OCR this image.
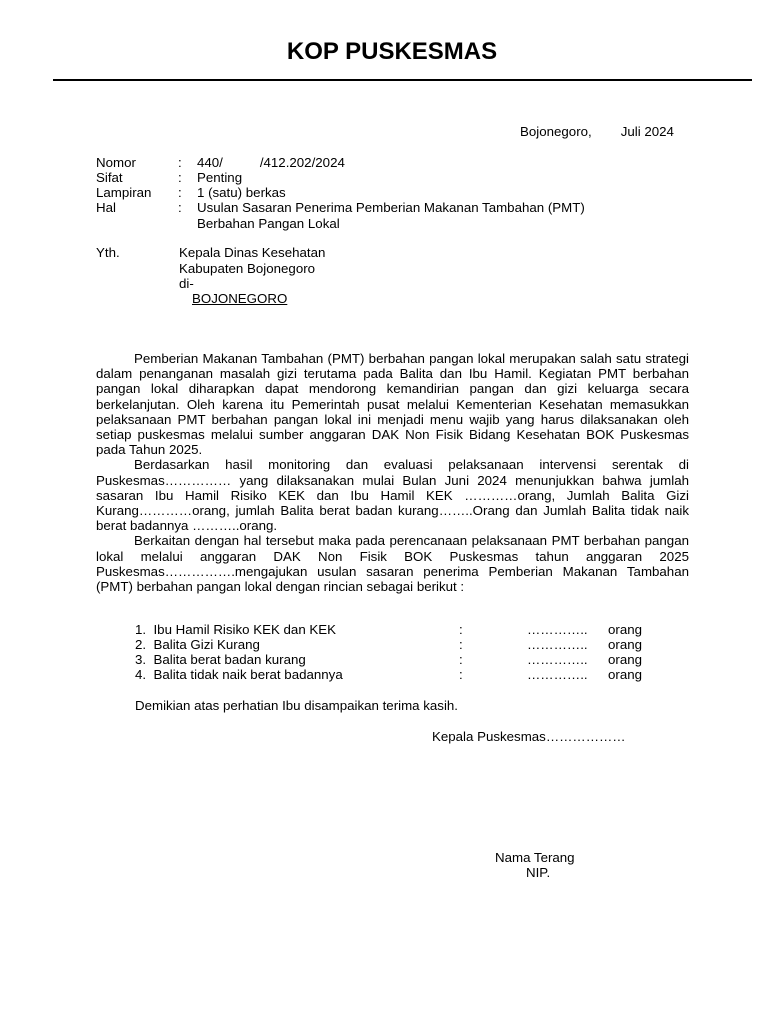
KOP PUSKESMAS
Bojonegoro, Juli 2024
Nomor	: 440/          /412.202/2024
Sifat	: Penting
Lampiran : 1 (satu) berkas
Hal	: Usulan Sasaran Penerima Pemberian Makanan Tambahan (PMT)
Berbahan Pangan Lokal
Yth.	Kepala Dinas Kesehatan
Kabupaten Bojonegoro
di-
BOJONEGORO

Pemberian Makanan Tambahan (PMT) berbahan pangan lokal merupakan salah satu strategi dalam penanganan masalah gizi terutama pada Balita dan Ibu Hamil. Kegiatan PMT berbahan pangan lokal diharapkan dapat mendorong kemandirian pangan dan gizi keluarga secara berkelanjutan. Oleh karena itu Pemerintah pusat melalui Kementerian Kesehatan memasukkan pelaksanaan PMT berbahan pangan lokal ini menjadi menu wajib yang harus dilaksanakan oleh setiap puskesmas melalui sumber anggaran DAK Non Fisik Bidang Kesehatan BOK Puskesmas pada Tahun 2025.

Berdasarkan hasil monitoring dan evaluasi pelaksanaan intervensi serentak di Puskesmas…………… yang dilaksanakan mulai Bulan Juni 2024 menunjukkan bahwa jumlah sasaran Ibu Hamil Risiko KEK dan Ibu Hamil KEK …………orang, Jumlah Balita Gizi Kurang…………orang, jumlah Balita berat badan kurang……..Orang dan Jumlah Balita tidak naik berat badannya ………..orang.

Berkaitan dengan hal tersebut maka pada perencanaan pelaksanaan PMT berbahan pangan lokal melalui anggaran DAK Non Fisik BOK Puskesmas tahun anggaran 2025 Puskesmas…………….mengajukan usulan sasaran penerima Pemberian Makanan Tambahan (PMT) berbahan pangan lokal dengan rincian sebagai berikut :

1.  Ibu Hamil Risiko KEK dan KEK	:	………….. orang
2.  Balita Gizi Kurang	:	………….. orang
3.  Balita berat badan kurang	:	………….. orang
4.  Balita tidak naik berat badannya	:	………….. orang
Demikian atas perhatian Ibu disampaikan terima kasih.
Kepala Puskesmas………………
Nama Terang
NIP.
